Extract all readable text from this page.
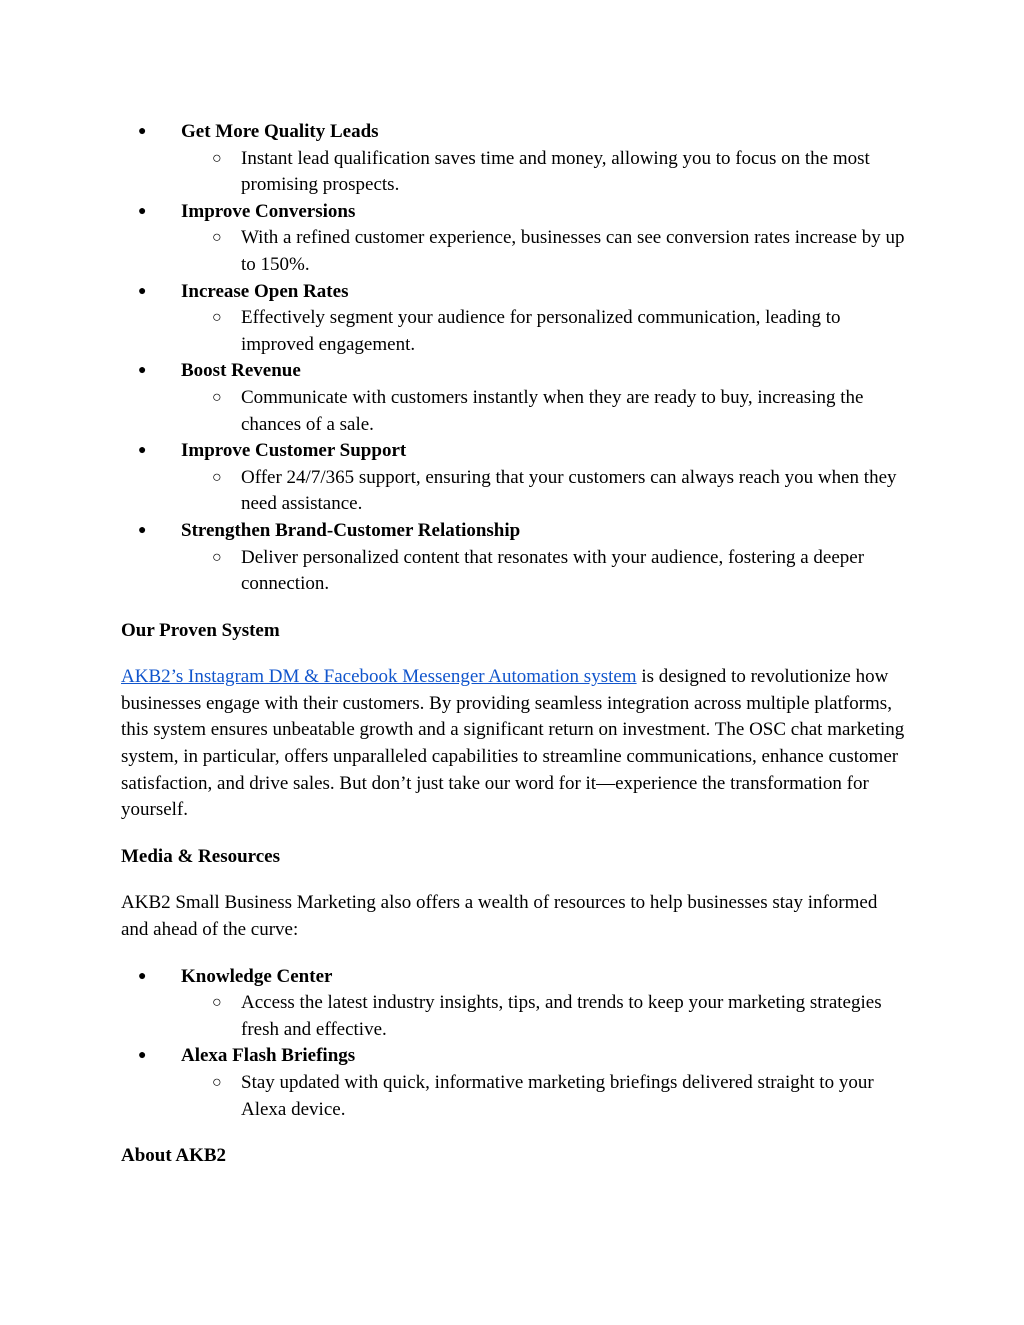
● Get More Quality Leads
○ Instant lead qualification saves time and money, allowing you to focus on the most promising prospects.
● Improve Conversions
○ With a refined customer experience, businesses can see conversion rates increase by up to 150%.
● Increase Open Rates
○ Effectively segment your audience for personalized communication, leading to improved engagement.
● Boost Revenue
○ Communicate with customers instantly when they are ready to buy, increasing the chances of a sale.
● Improve Customer Support
○ Offer 24/7/365 support, ensuring that your customers can always reach you when they need assistance.
● Strengthen Brand-Customer Relationship
○ Deliver personalized content that resonates with your audience, fostering a deeper connection.

Our Proven System

AKB2’s Instagram DM & Facebook Messenger Automation system is designed to revolutionize how businesses engage with their customers. By providing seamless integration across multiple platforms, this system ensures unbeatable growth and a significant return on investment. The OSC chat marketing system, in particular, offers unparalleled capabilities to streamline communications, enhance customer satisfaction, and drive sales. But don’t just take our word for it—experience the transformation for yourself.

Media & Resources

AKB2 Small Business Marketing also offers a wealth of resources to help businesses stay informed and ahead of the curve:

● Knowledge Center
○ Access the latest industry insights, tips, and trends to keep your marketing strategies fresh and effective.
● Alexa Flash Briefings
○ Stay updated with quick, informative marketing briefings delivered straight to your Alexa device.

About AKB2
